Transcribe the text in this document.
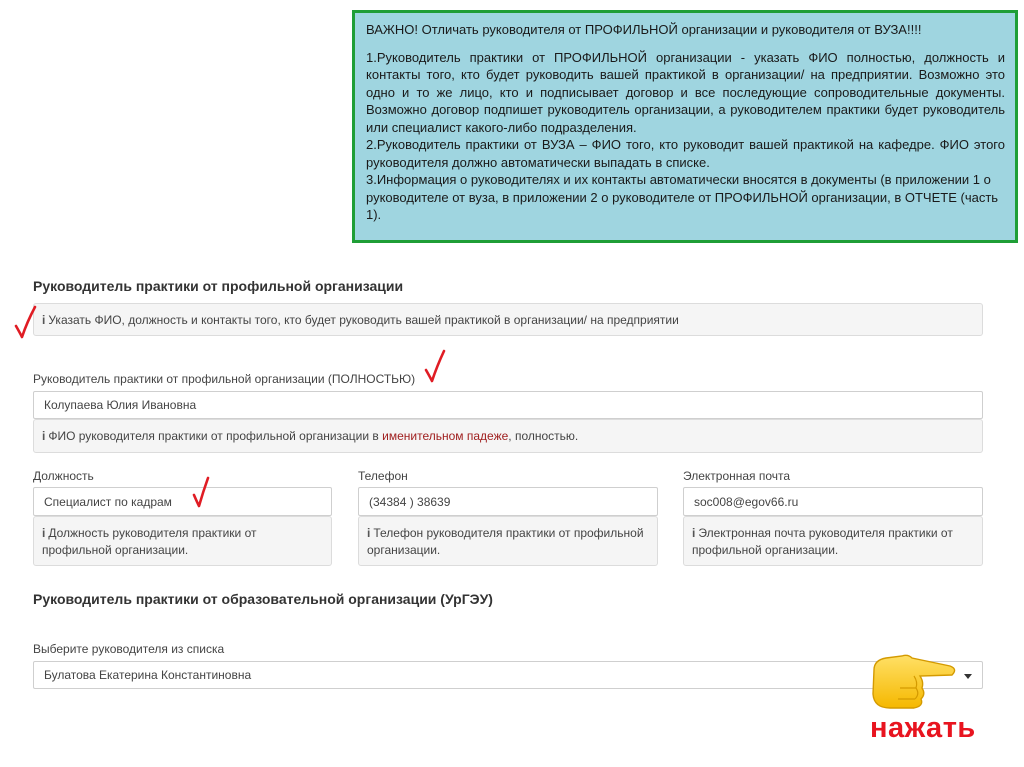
ВАЖНО! Отличать руководителя от ПРОФИЛЬНОЙ организации и руководителя от ВУЗА!!!!
1.Руководитель практики от ПРОФИЛЬНОЙ организации - указать ФИО полностью, должность и контакты того, кто будет руководить вашей практикой в организации/ на предприятии. Возможно это одно и то же лицо, кто и подписывает договор и все последующие сопроводительные документы. Возможно договор подпишет руководитель организации, а руководителем практики будет руководитель или специалист какого-либо подразделения.
2.Руководитель практики от ВУЗА – ФИО того, кто руководит вашей практикой на кафедре. ФИО этого руководителя должно автоматически выпадать в списке.
3.Информация о руководителях и их контакты автоматически вносятся в документы (в приложении 1 о руководителе от вуза, в приложении 2 о руководителе от ПРОФИЛЬНОЙ организации, в ОТЧЕТЕ (часть 1).
Руководитель практики от профильной организации
i Указать ФИО, должность и контакты того, кто будет руководить вашей практикой в организации/ на предприятии
Руководитель практики от профильной организации (ПОЛНОСТЬЮ)
Колупаева Юлия Ивановна
i ФИО руководителя практики от профильной организации в именительном падеже, полностью.
Должность
Специалист по кадрам
i Должность руководителя практики от профильной организации.
Телефон
(34384 ) 38639
i Телефон руководителя практики от профильной организации.
Электронная почта
soc008@egov66.ru
i Электронная почта руководителя практики от профильной организации.
Руководитель практики от образовательной организации (УрГЭУ)
Выберите руководителя из списка
Булатова Екатерина Константиновна
нажать
